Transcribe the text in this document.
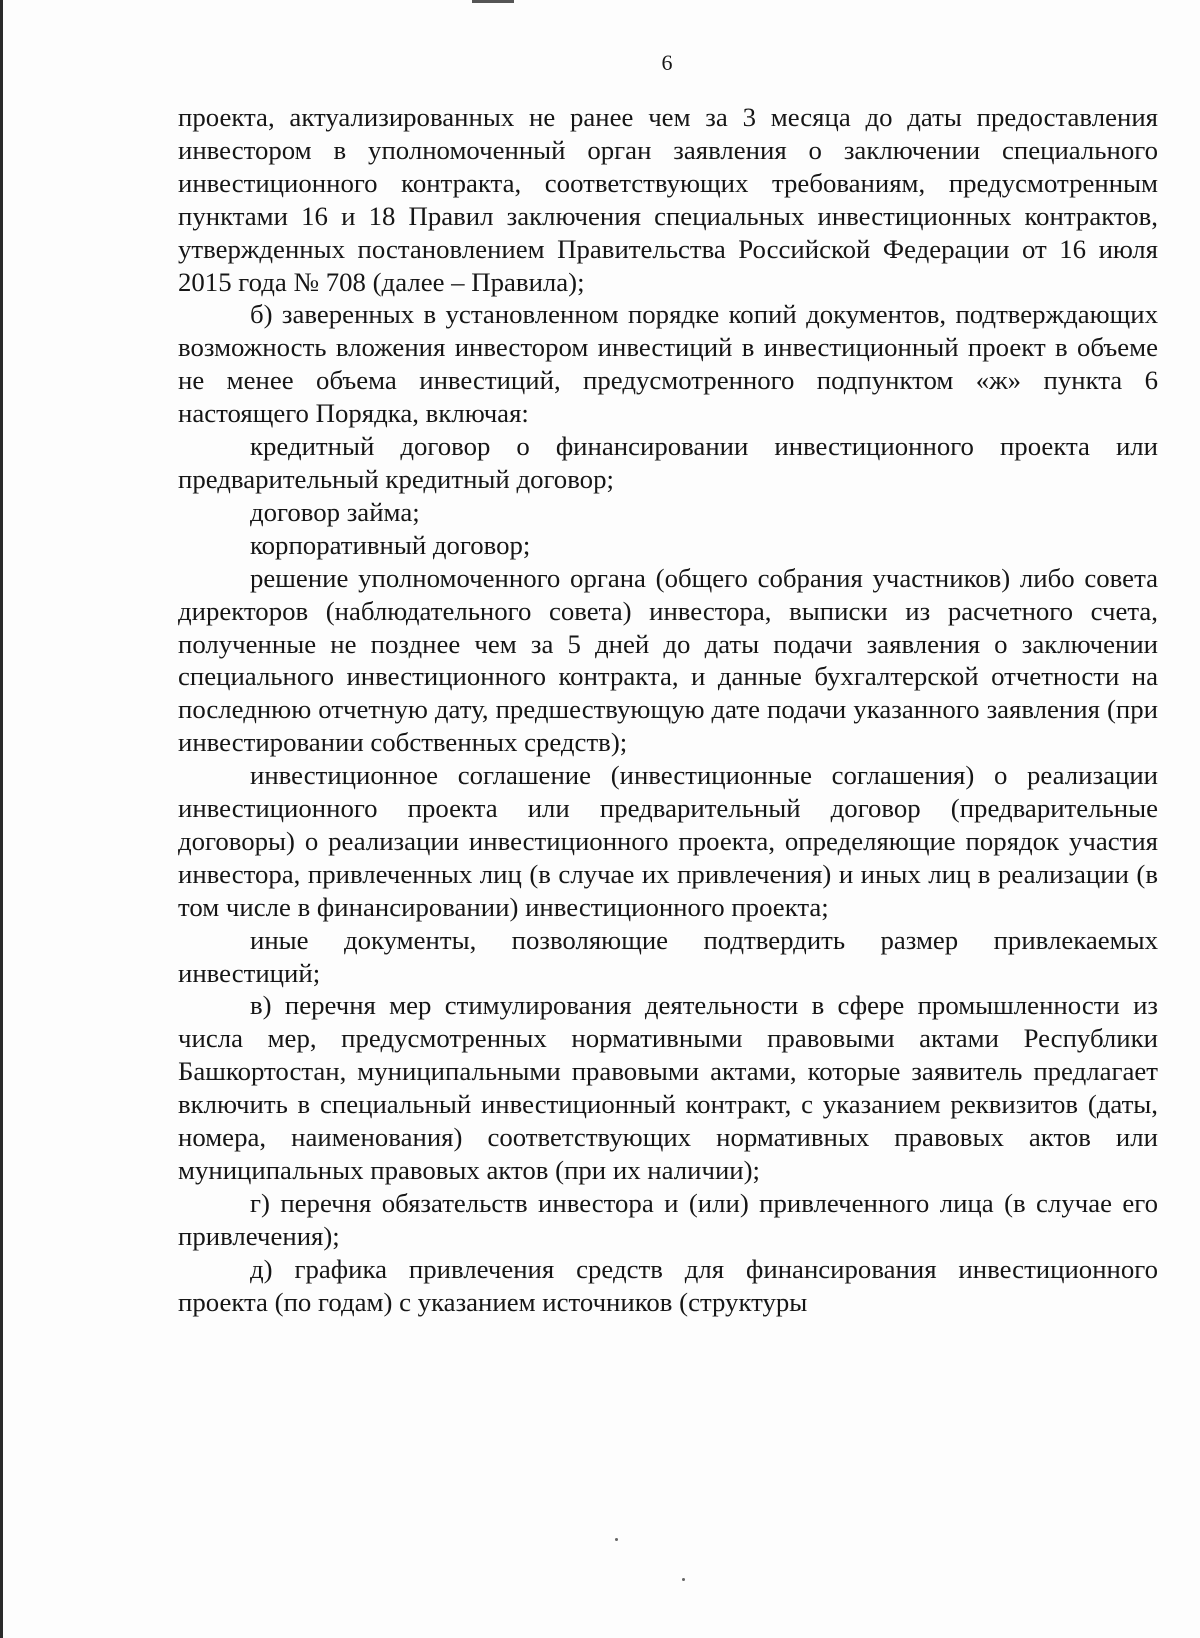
6

проекта, актуализированных не ранее чем за 3 месяца до даты предоставления инвестором в уполномоченный орган заявления о заключении специального инвестиционного контракта, соответствующих требованиям, предусмотренным пунктами 16 и 18 Правил заключения специальных инвестиционных контрактов, утвержденных постановлением Правительства Российской Федерации от 16 июля 2015 года № 708 (далее – Правила);

б) заверенных в установленном порядке копий документов, подтверждающих возможность вложения инвестором инвестиций в инвестиционный проект в объеме не менее объема инвестиций, предусмотренного подпунктом «ж» пункта 6 настоящего Порядка, включая:

кредитный договор о финансировании инвестиционного проекта или предварительный кредитный договор;

договор займа;

корпоративный договор;

решение уполномоченного органа (общего собрания участников) либо совета директоров (наблюдательного совета) инвестора, выписки из расчетного счета, полученные не позднее чем за 5 дней до даты подачи заявления о заключении специального инвестиционного контракта, и данные бухгалтерской отчетности на последнюю отчетную дату, предшествующую дате подачи указанного заявления (при инвестировании собственных средств);

инвестиционное соглашение (инвестиционные соглашения) о реализации инвестиционного проекта или предварительный договор (предварительные договоры) о реализации инвестиционного проекта, определяющие порядок участия инвестора, привлеченных лиц (в случае их привлечения) и иных лиц в реализации (в том числе в финансировании) инвестиционного проекта;

иные документы, позволяющие подтвердить размер привлекаемых инвестиций;

в) перечня мер стимулирования деятельности в сфере промышленности из числа мер, предусмотренных нормативными правовыми актами Республики Башкортостан, муниципальными правовыми актами, которые заявитель предлагает включить в специальный инвестиционный контракт, с указанием реквизитов (даты, номера, наименования) соответствующих нормативных правовых актов или муниципальных правовых актов (при их наличии);

г) перечня обязательств инвестора и (или) привлеченного лица (в случае его привлечения);

д) графика привлечения средств для финансирования инвестиционного проекта (по годам) с указанием источников (структуры
